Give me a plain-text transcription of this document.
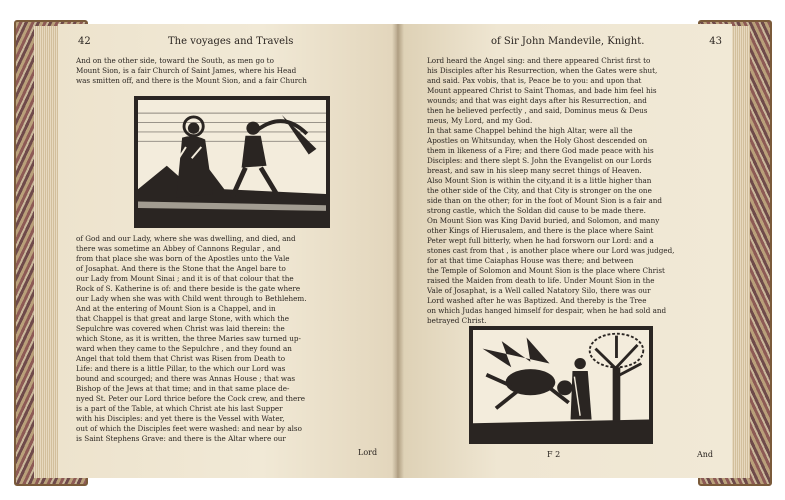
42	The voyages and Travels
And on the other side, toward the South, as men go to
Mount Sion, is a fair Church of Saint James, where his Head
was smitten off, and there is the Mount Sion, and a fair Church
of God and our Lady, where she was dwelling, and died, and
there was sometime an Abbey of Cannons Regular , and
from that place she was born of the Apostles unto the Vale
of Josaphat. And there is the Stone that the Angel bare to
our Lady from Mount Sinai ; and it is of that colour that the
Rock of S. Katherine is of: and there beside is the gate where
our Lady when she was with Child went through to Bethlehem.
And at the entering of Mount Sion is a Chappel, and in
that Chappel is that great and large Stone, with which the
Sepulchre was covered when Christ was laid therein: the
which Stone, as it is written, the three Maries saw turned up-
ward when they came to the Sepulchre , and they found an
Angel that told them that Christ was Risen from Death to
Life: and there is a little Pillar, to the which our Lord was
bound and scourged; and there was Annas House ; that was
Bishop of the Jews at that time; and in that same place de-
nyed St. Peter our Lord thrice before the Cock crew, and there
is a part of the Table, at which Christ ate his last Supper
with his Disciples: and yet there is the Vessel with Water,
out of which the Disciples feet were washed: and near by also
is Saint Stephens Grave: and there is the Altar where our
Lord
of Sir John Mandevile, Knight.	43
Lord heard the Angel sing: and there appeared Christ first to
his Disciples after his Resurrection, when the Gates were shut,
and said. Pax vobis, that is, Peace be to you: and upon that
Mount appeared Christ to Saint Thomas, and bade him feel his
wounds; and that was eight days after his Resurrection, and
then he believed perfectly , and said, Dominus meus & Deus
meus, My Lord, and my God.
In that same Chappel behind the high Altar, were all the
Apostles on Whitsunday, when the Holy Ghost descended on
them in likeness of a Fire; and there God made peace with his
Disciples: and there slept S. John the Evangelist on our Lords
breast, and saw in his sleep many secret things of Heaven.
Also Mount Sion is within the city,and it is a little higher than
the other side of the City, and that City is stronger on the one
side than on the other; for in the foot of Mount Sion is a fair and
strong castle, which the Soldan did cause to be made there.
On Mount Sion was King David buried, and Solomon, and many
other Kings of Hierusalem, and there is the place where Saint
Peter wept full bitterly, when he had forsworn our Lord: and a
stones cast from that , is another place where our Lord was judged,
for at that time Caiaphas House was there; and between
the Temple of Solomon and Mount Sion is the place where Christ
raised the Maiden from death to life. Under Mount Sion in the
Vale of Josaphat, is a Well called Natatory Silo, there was our
Lord washed after he was Baptized. And thereby is the Tree
on which Judas hanged himself for despair, when he had sold and
betrayed Christ.
F 2	And
